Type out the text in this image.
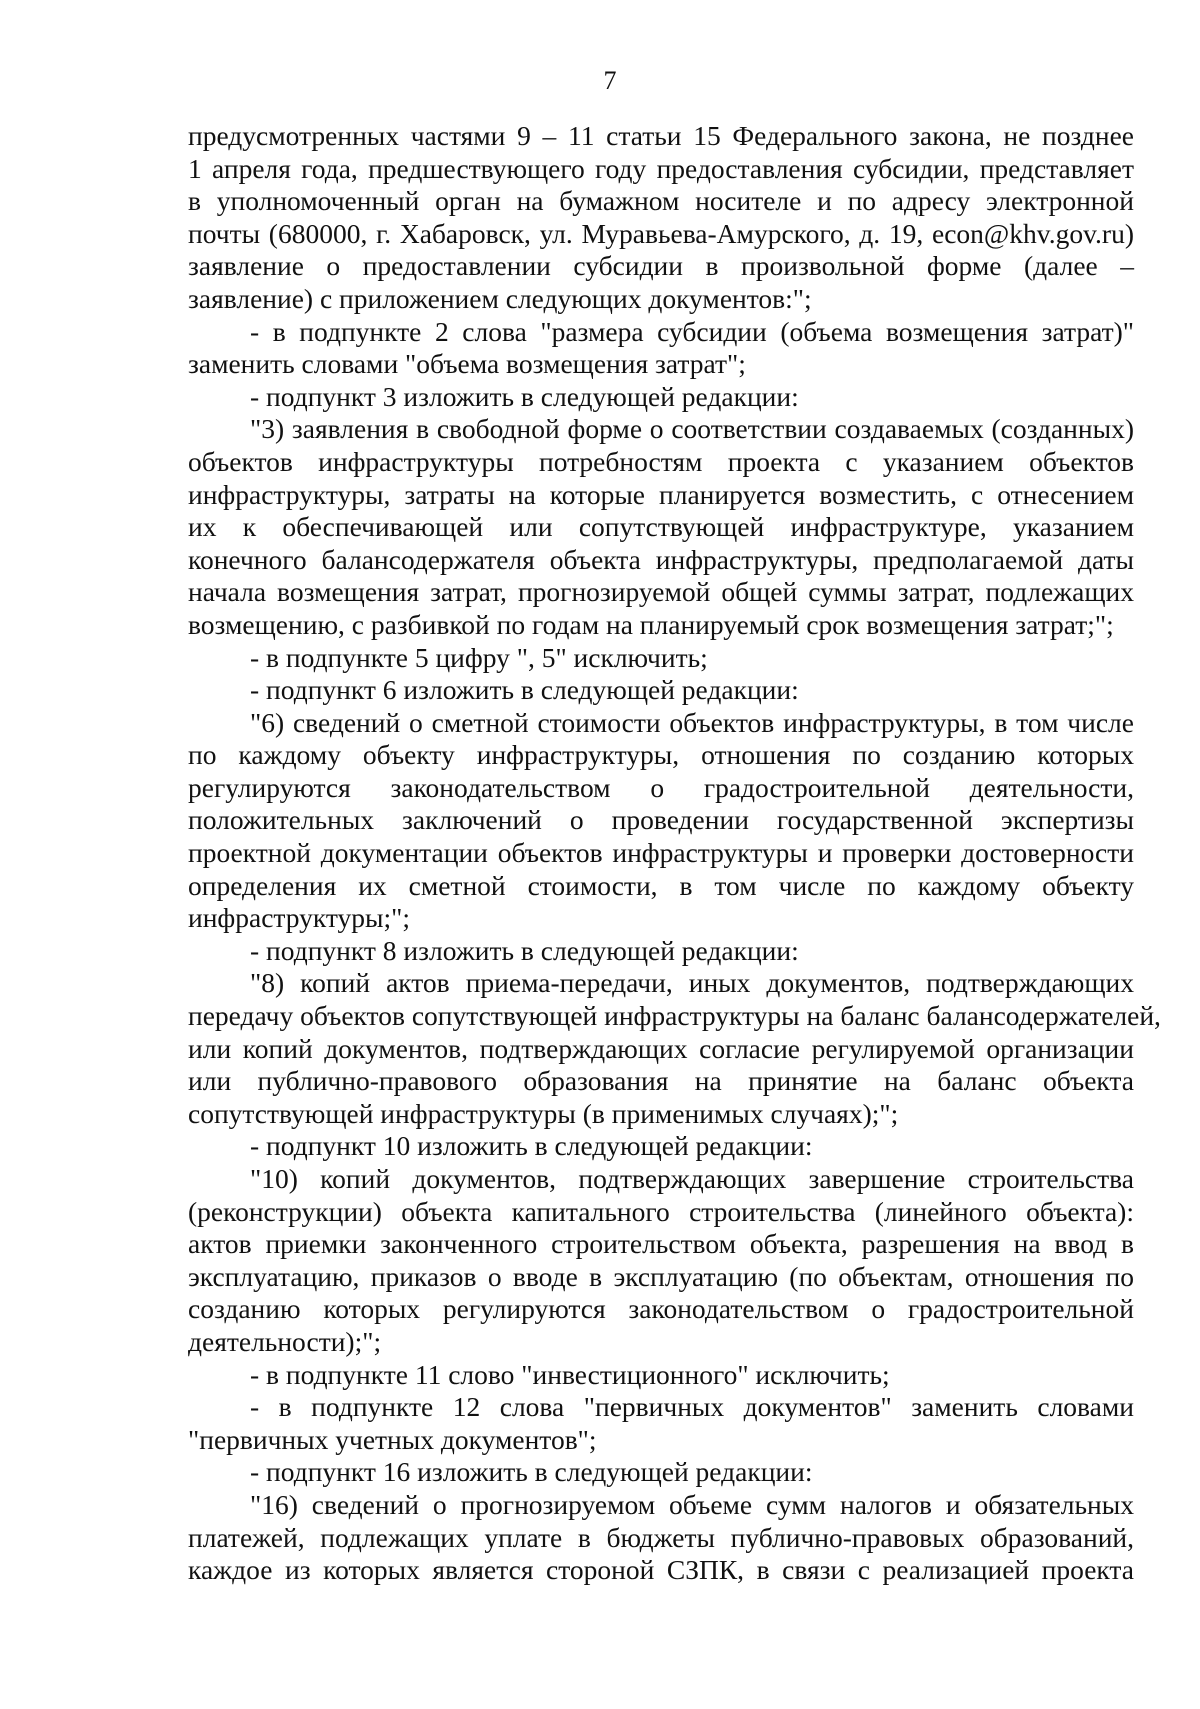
7
предусмотренных частями 9 – 11 статьи 15 Федерального закона, не позднее
1 апреля года, предшествующего году предоставления субсидии, представляет
в уполномоченный орган на бумажном носителе и по адресу электронной
почты (680000, г. Хабаровск, ул. Муравьева-Амурского, д. 19, econ@khv.gov.ru)
заявление о предоставлении субсидии в произвольной форме (далее –
заявление) с приложением следующих документов:";
- в подпункте 2 слова "размера субсидии (объема возмещения затрат)"
заменить словами "объема возмещения затрат";
- подпункт 3 изложить в следующей редакции:
"3) заявления в свободной форме о соответствии создаваемых (созданных)
объектов инфраструктуры потребностям проекта с указанием объектов
инфраструктуры, затраты на которые планируется возместить, с отнесением
их к обеспечивающей или сопутствующей инфраструктуре, указанием
конечного балансодержателя объекта инфраструктуры, предполагаемой даты
начала возмещения затрат, прогнозируемой общей суммы затрат, подлежащих
возмещению, с разбивкой по годам на планируемый срок возмещения затрат;";
- в подпункте 5 цифру ", 5" исключить;
- подпункт 6 изложить в следующей редакции:
"6) сведений о сметной стоимости объектов инфраструктуры, в том числе
по каждому объекту инфраструктуры, отношения по созданию которых
регулируются законодательством о градостроительной деятельности,
положительных заключений о проведении государственной экспертизы
проектной документации объектов инфраструктуры и проверки достоверности
определения их сметной стоимости, в том числе по каждому объекту
инфраструктуры;";
- подпункт 8 изложить в следующей редакции:
"8) копий актов приема-передачи, иных документов, подтверждающих
передачу объектов сопутствующей инфраструктуры на баланс балансодержателей,
или копий документов, подтверждающих согласие регулируемой организации
или публично-правового образования на принятие на баланс объекта
сопутствующей инфраструктуры (в применимых случаях);";
- подпункт 10 изложить в следующей редакции:
"10) копий документов, подтверждающих завершение строительства
(реконструкции) объекта капитального строительства (линейного объекта):
актов приемки законченного строительством объекта, разрешения на ввод в
эксплуатацию, приказов о вводе в эксплуатацию (по объектам, отношения по
созданию которых регулируются законодательством о градостроительной
деятельности);";
- в подпункте 11 слово "инвестиционного" исключить;
- в подпункте 12 слова "первичных документов" заменить словами
"первичных учетных документов";
- подпункт 16 изложить в следующей редакции:
"16) сведений о прогнозируемом объеме сумм налогов и обязательных
платежей, подлежащих уплате в бюджеты публично-правовых образований,
каждое из которых является стороной СЗПК, в связи с реализацией проекта
